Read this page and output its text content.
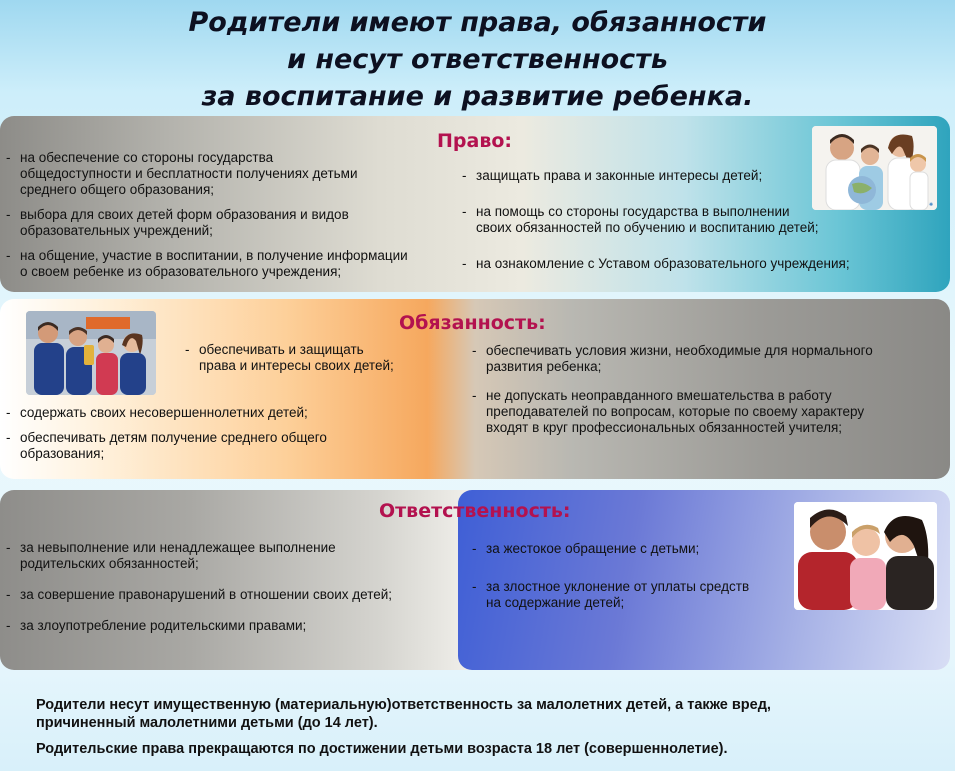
Родители имеют права, обязанности
и несут ответственность
за воспитание и развитие ребенка.
Право:
- на обеспечение со стороны государства
общедоступности и бесплатности получениях детьми
среднего общего образования;
- выбора для своих детей форм образования и видов
образовательных учреждений;
- на общение, участие в воспитании, в получение информации
о своем ребенке из образовательного учреждения;
- защищать права и законные интересы детей;
- на помощь со стороны государства в выполнении
своих обязанностей по обучению и воспитанию детей;
- на ознакомление с Уставом образовательного учреждения;
✺
Обязанность:
- обеспечивать и защищать
права и интересы своих детей;
- содержать своих несовершеннолетних детей;
- обеспечивать детям получение среднего общего
образования;
- обеспечивать условия жизни, необходимые для нормального
развития ребенка;
- не допускать неоправданного вмешательства в работу
преподавателей по вопросам, которые по своему характеру
входят в круг профессиональных обязанностей учителя;
Ответственность:
- за невыполнение или ненадлежащее выполнение
родительских обязанностей;
- за совершение правонарушений в отношении своих детей;
- за злоупотребление родительскими правами;
- за жестокое обращение с детьми;
- за злостное уклонение от уплаты средств
на содержание детей;
Родители несут имущественную (материальную)ответственность за малолетних детей, а также вред,
причиненный малолетними детьми (до 14 лет).
Родительские права прекращаются по достижении детьми возраста 18 лет (совершеннолетие).
